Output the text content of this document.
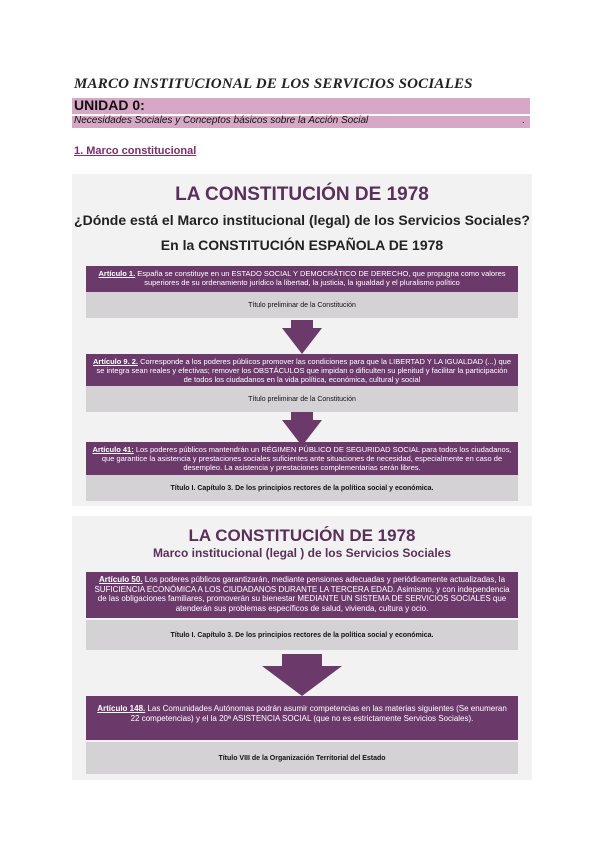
MARCO INSTITUCIONAL DE LOS SERVICIOS SOCIALES
UNIDAD 0:
Necesidades Sociales y Conceptos básicos sobre la Acción Social	.
1. Marco constitucional
LA CONSTITUCIÓN DE 1978
¿Dónde está el Marco institucional (legal) de los Servicios Sociales?
En la CONSTITUCIÓN ESPAÑOLA DE 1978
Artículo 1. España se constituye en un ESTADO SOCIAL Y DEMOCRÁTICO DE DERECHO, que propugna como valores superiores de su ordenamiento jurídico la libertad, la justicia, la igualdad y el pluralismo político
Título preliminar de la Constitución
Artículo 9. 2. Corresponde a los poderes públicos promover las condiciones para que la LIBERTAD Y LA IGUALDAD (...) que se integra sean reales y efectivas; remover los OBSTÁCULOS que impidan o dificulten su plenitud y facilitar la participación de todos los ciudadanos en la vida política, económica, cultural y social
Título preliminar de la Constitución
Artículo 41: Los poderes públicos mantendrán un RÉGIMEN PÚBLICO DE SEGURIDAD SOCIAL para todos los ciudadanos, que garantice la asistencia y prestaciones sociales suficientes ante situaciones de necesidad, especialmente en caso de desempleo. La asistencia y prestaciones complementarias serán libres.
Título I. Capítulo 3. De los principios rectores de la política social y económica.
LA CONSTITUCIÓN DE 1978
Marco institucional (legal ) de los Servicios Sociales
Artículo 50. Los poderes públicos garantizarán, mediante pensiones adecuadas y periódicamente actualizadas, la SUFICIENCIA ECONÓMICA A LOS CIUDADANOS DURANTE LA TERCERA EDAD. Asimismo, y con independencia de las obligaciones familiares, promoverán su bienestar MEDIANTE UN SISTEMA DE SERVICIOS SOCIALES que atenderán sus problemas específicos de salud, vivienda, cultura y ocio.
Título I. Capítulo 3. De los principios rectores de la política social y económica.
Artículo 148. Las Comunidades Autónomas podrán asumir competencias en las materias siguientes (Se enumeran 22 competencias) y el la 20ª ASISTENCIA SOCIAL (que no es estrictamente Servicios Sociales).
Título VIII de la Organización Territorial del Estado
